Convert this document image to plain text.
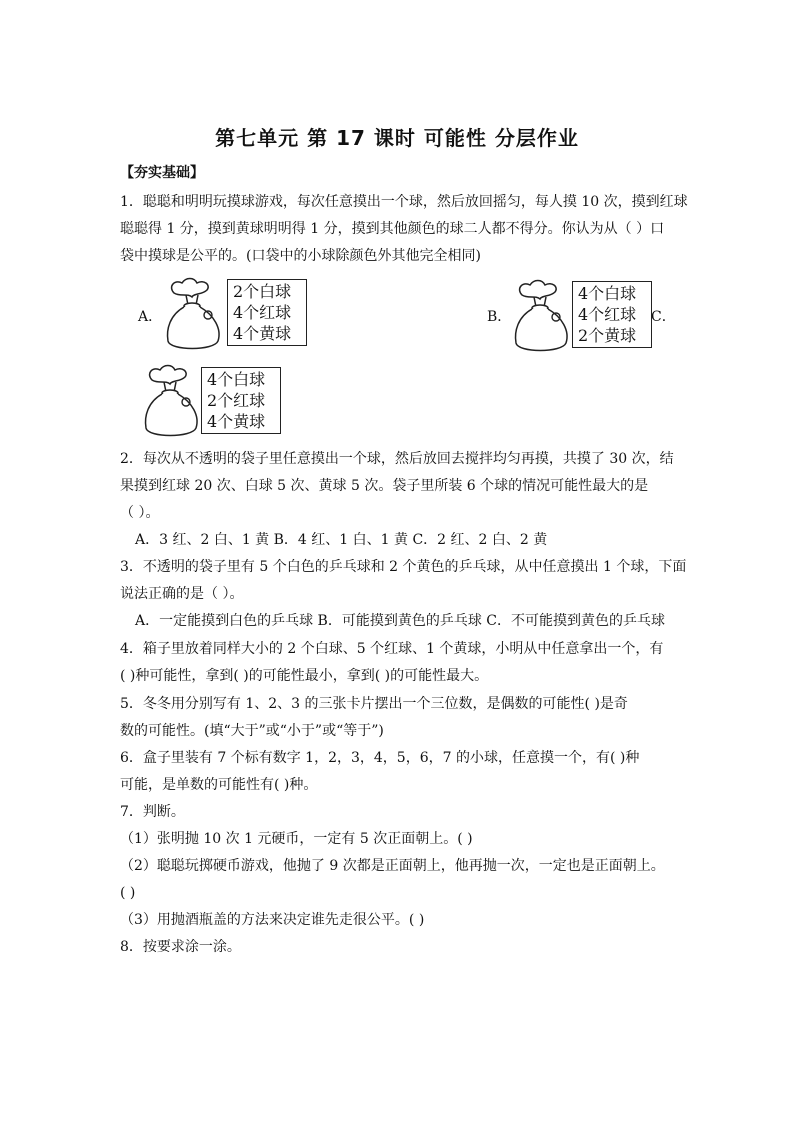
第七单元 第 17 课时 可能性 分层作业
【夯实基础】
1．聪聪和明明玩摸球游戏，每次任意摸出一个球，然后放回摇匀，每人摸 10 次，摸到红球
聪聪得 1 分，摸到黄球明明得 1 分，摸到其他颜色的球二人都不得分。你认为从（ ）口
袋中摸球是公平的。(口袋中的小球除颜色外其他完全相同)
A．
2个白球
4个红球
4个黄球
B．
4个白球
4个红球
2个黄球
C．
4个白球
2个红球
4个黄球
2．每次从不透明的袋子里任意摸出一个球，然后放回去搅拌均匀再摸，共摸了 30 次，结
果摸到红球 20 次、白球 5 次、黄球 5 次。袋子里所装 6 个球的情况可能性最大的是
（ ）。
A．3 红、2 白、1 黄 B．4 红、1 白、1 黄 C．2 红、2 白、2 黄
3．不透明的袋子里有 5 个白色的乒乓球和 2 个黄色的乒乓球，从中任意摸出 1 个球，下面
说法正确的是（ ）。
A．一定能摸到白色的乒乓球 B．可能摸到黄色的乒乓球 C．不可能摸到黄色的乒乓球
4．箱子里放着同样大小的 2 个白球、5 个红球、1 个黄球，小明从中任意拿出一个，有
( )种可能性，拿到( )的可能性最小，拿到( )的可能性最大。
5．冬冬用分别写有 1、2、3 的三张卡片摆出一个三位数，是偶数的可能性( )是奇
数的可能性。(填“大于”或“小于”或“等于”)
6．盒子里装有 7 个标有数字 1，2，3，4，5，6，7 的小球，任意摸一个，有( )种
可能，是单数的可能性有( )种。
7．判断。
（1）张明抛 10 次 1 元硬币，一定有 5 次正面朝上。( )
（2）聪聪玩掷硬币游戏，他抛了 9 次都是正面朝上，他再抛一次，一定也是正面朝上。
( )
（3）用抛酒瓶盖的方法来决定谁先走很公平。( )
8．按要求涂一涂。
